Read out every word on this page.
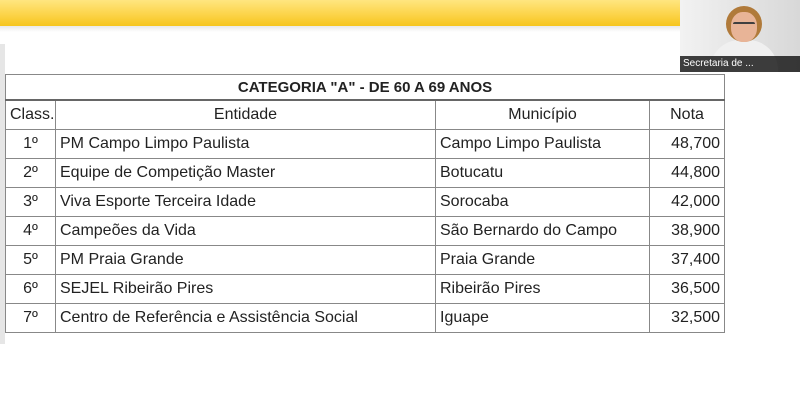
Secretaria de ...
CATEGORIA "A" - DE 60 A 69 ANOS			
Class.	Entidade	Município	Nota
1º	PM Campo Limpo Paulista	Campo Limpo Paulista	48,700
2º	Equipe de Competição Master	Botucatu	44,800
3º	Viva Esporte Terceira Idade	Sorocaba	42,000
4º	Campeões da Vida	São Bernardo do Campo	38,900
5º	PM Praia Grande	Praia Grande	37,400
6º	SEJEL Ribeirão Pires	Ribeirão Pires	36,500
7º	Centro de Referência e Assistência Social	Iguape	32,500
